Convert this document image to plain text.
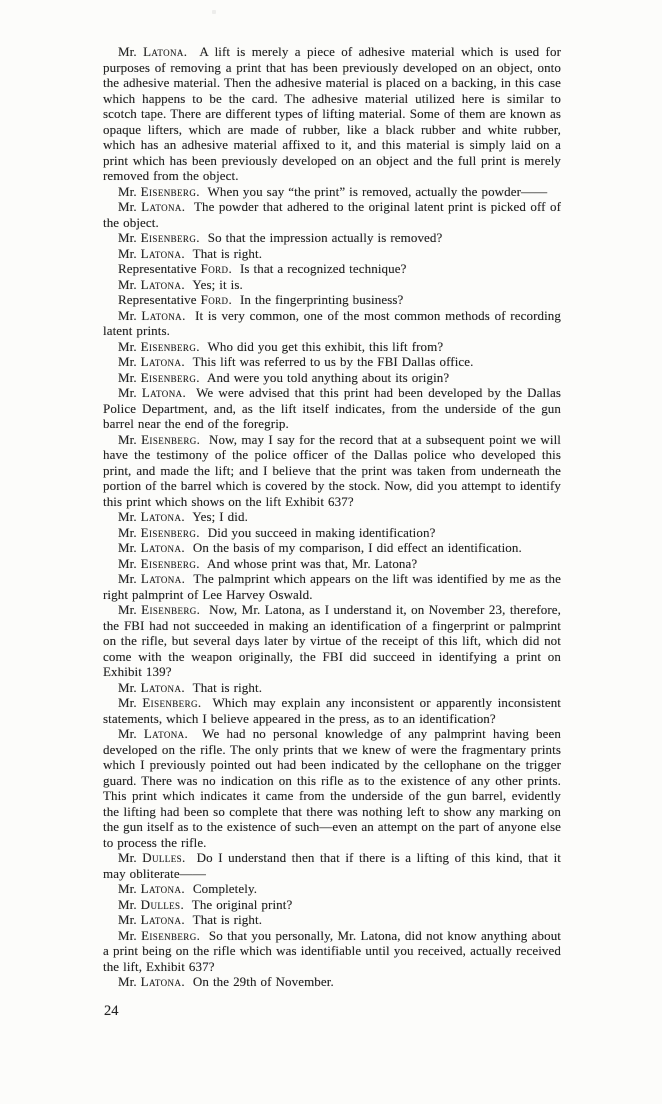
Mr. Latona.  A lift is merely a piece of adhesive material which is used for purposes of removing a print that has been previously developed on an object, onto the adhesive material. Then the adhesive material is placed on a backing, in this case which happens to be the card. The adhesive material utilized here is similar to scotch tape. There are different types of lifting material. Some of them are known as opaque lifters, which are made of rubber, like a black rubber and white rubber, which has an adhesive material affixed to it, and this material is simply laid on a print which has been previously developed on an object and the full print is merely removed from the object.

Mr. Eisenberg.  When you say “the print” is removed, actually the powder——

Mr. Latona.  The powder that adhered to the original latent print is picked off of the object.

Mr. Eisenberg.  So that the impression actually is removed?

Mr. Latona.  That is right.

Representative Ford.  Is that a recognized technique?

Mr. Latona.  Yes; it is.

Representative Ford.  In the fingerprinting business?

Mr. Latona.  It is very common, one of the most common methods of recording latent prints.

Mr. Eisenberg.  Who did you get this exhibit, this lift from?

Mr. Latona.  This lift was referred to us by the FBI Dallas office.

Mr. Eisenberg.  And were you told anything about its origin?

Mr. Latona.  We were advised that this print had been developed by the Dallas Police Department, and, as the lift itself indicates, from the underside of the gun barrel near the end of the foregrip.

Mr. Eisenberg.  Now, may I say for the record that at a subsequent point we will have the testimony of the police officer of the Dallas police who developed this print, and made the lift; and I believe that the print was taken from underneath the portion of the barrel which is covered by the stock. Now, did you attempt to identify this print which shows on the lift Exhibit 637?

Mr. Latona.  Yes; I did.

Mr. Eisenberg.  Did you succeed in making identification?

Mr. Latona.  On the basis of my comparison, I did effect an identification.

Mr. Eisenberg.  And whose print was that, Mr. Latona?

Mr. Latona.  The palmprint which appears on the lift was identified by me as the right palmprint of Lee Harvey Oswald.

Mr. Eisenberg.  Now, Mr. Latona, as I understand it, on November 23, therefore, the FBI had not succeeded in making an identification of a fingerprint or palmprint on the rifle, but several days later by virtue of the receipt of this lift, which did not come with the weapon originally, the FBI did succeed in identifying a print on Exhibit 139?

Mr. Latona.  That is right.

Mr. Eisenberg.  Which may explain any inconsistent or apparently inconsistent statements, which I believe appeared in the press, as to an identification?

Mr. Latona.  We had no personal knowledge of any palmprint having been developed on the rifle. The only prints that we knew of were the fragmentary prints which I previously pointed out had been indicated by the cellophane on the trigger guard. There was no indication on this rifle as to the existence of any other prints. This print which indicates it came from the underside of the gun barrel, evidently the lifting had been so complete that there was nothing left to show any marking on the gun itself as to the existence of such—even an attempt on the part of anyone else to process the rifle.

Mr. Dulles.  Do I understand then that if there is a lifting of this kind, that it may obliterate——

Mr. Latona.  Completely.

Mr. Dulles.  The original print?

Mr. Latona.  That is right.

Mr. Eisenberg.  So that you personally, Mr. Latona, did not know anything about a print being on the rifle which was identifiable until you received, actually received the lift, Exhibit 637?

Mr. Latona.  On the 29th of November.

24
